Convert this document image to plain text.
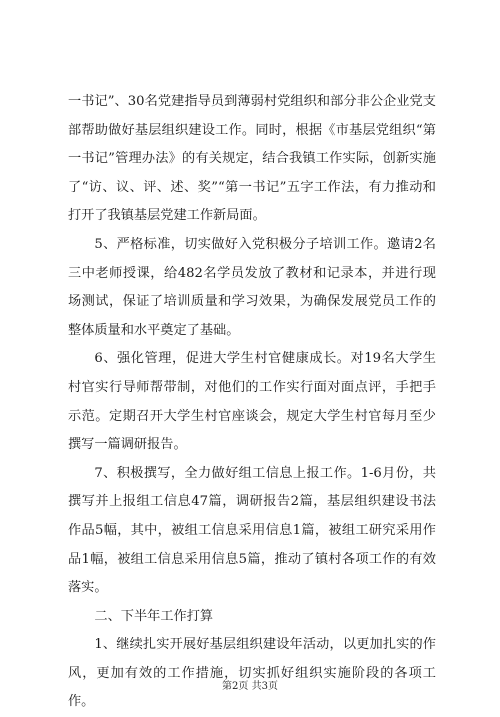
一书记”、30名党建指导员到薄弱村党组织和部分非公企业党支部帮助做好基层组织建设工作。同时，根据《市基层党组织“第一书记”管理办法》的有关规定，结合我镇工作实际，创新实施了“访、议、评、述、奖”“第一书记”五字工作法，有力推动和打开了我镇基层党建工作新局面。

5、严格标准，切实做好入党积极分子培训工作。邀请2名三中老师授课，给482名学员发放了教材和记录本，并进行现场测试，保证了培训质量和学习效果，为确保发展党员工作的整体质量和水平奠定了基础。

6、强化管理，促进大学生村官健康成长。对19名大学生村官实行导师帮带制，对他们的工作实行面对面点评，手把手示范。定期召开大学生村官座谈会，规定大学生村官每月至少撰写一篇调研报告。

7、积极撰写，全力做好组工信息上报工作。1-6月份，共撰写并上报组工信息47篇，调研报告2篇，基层组织建设书法作品5幅，其中，被组工信息采用信息1篇，被组工研究采用作品1幅，被组工信息采用信息5篇，推动了镇村各项工作的有效落实。

二、下半年工作打算

1、继续扎实开展好基层组织建设年活动，以更加扎实的作风，更加有效的工作措施，切实抓好组织实施阶段的各项工作。

第2页 共3页
